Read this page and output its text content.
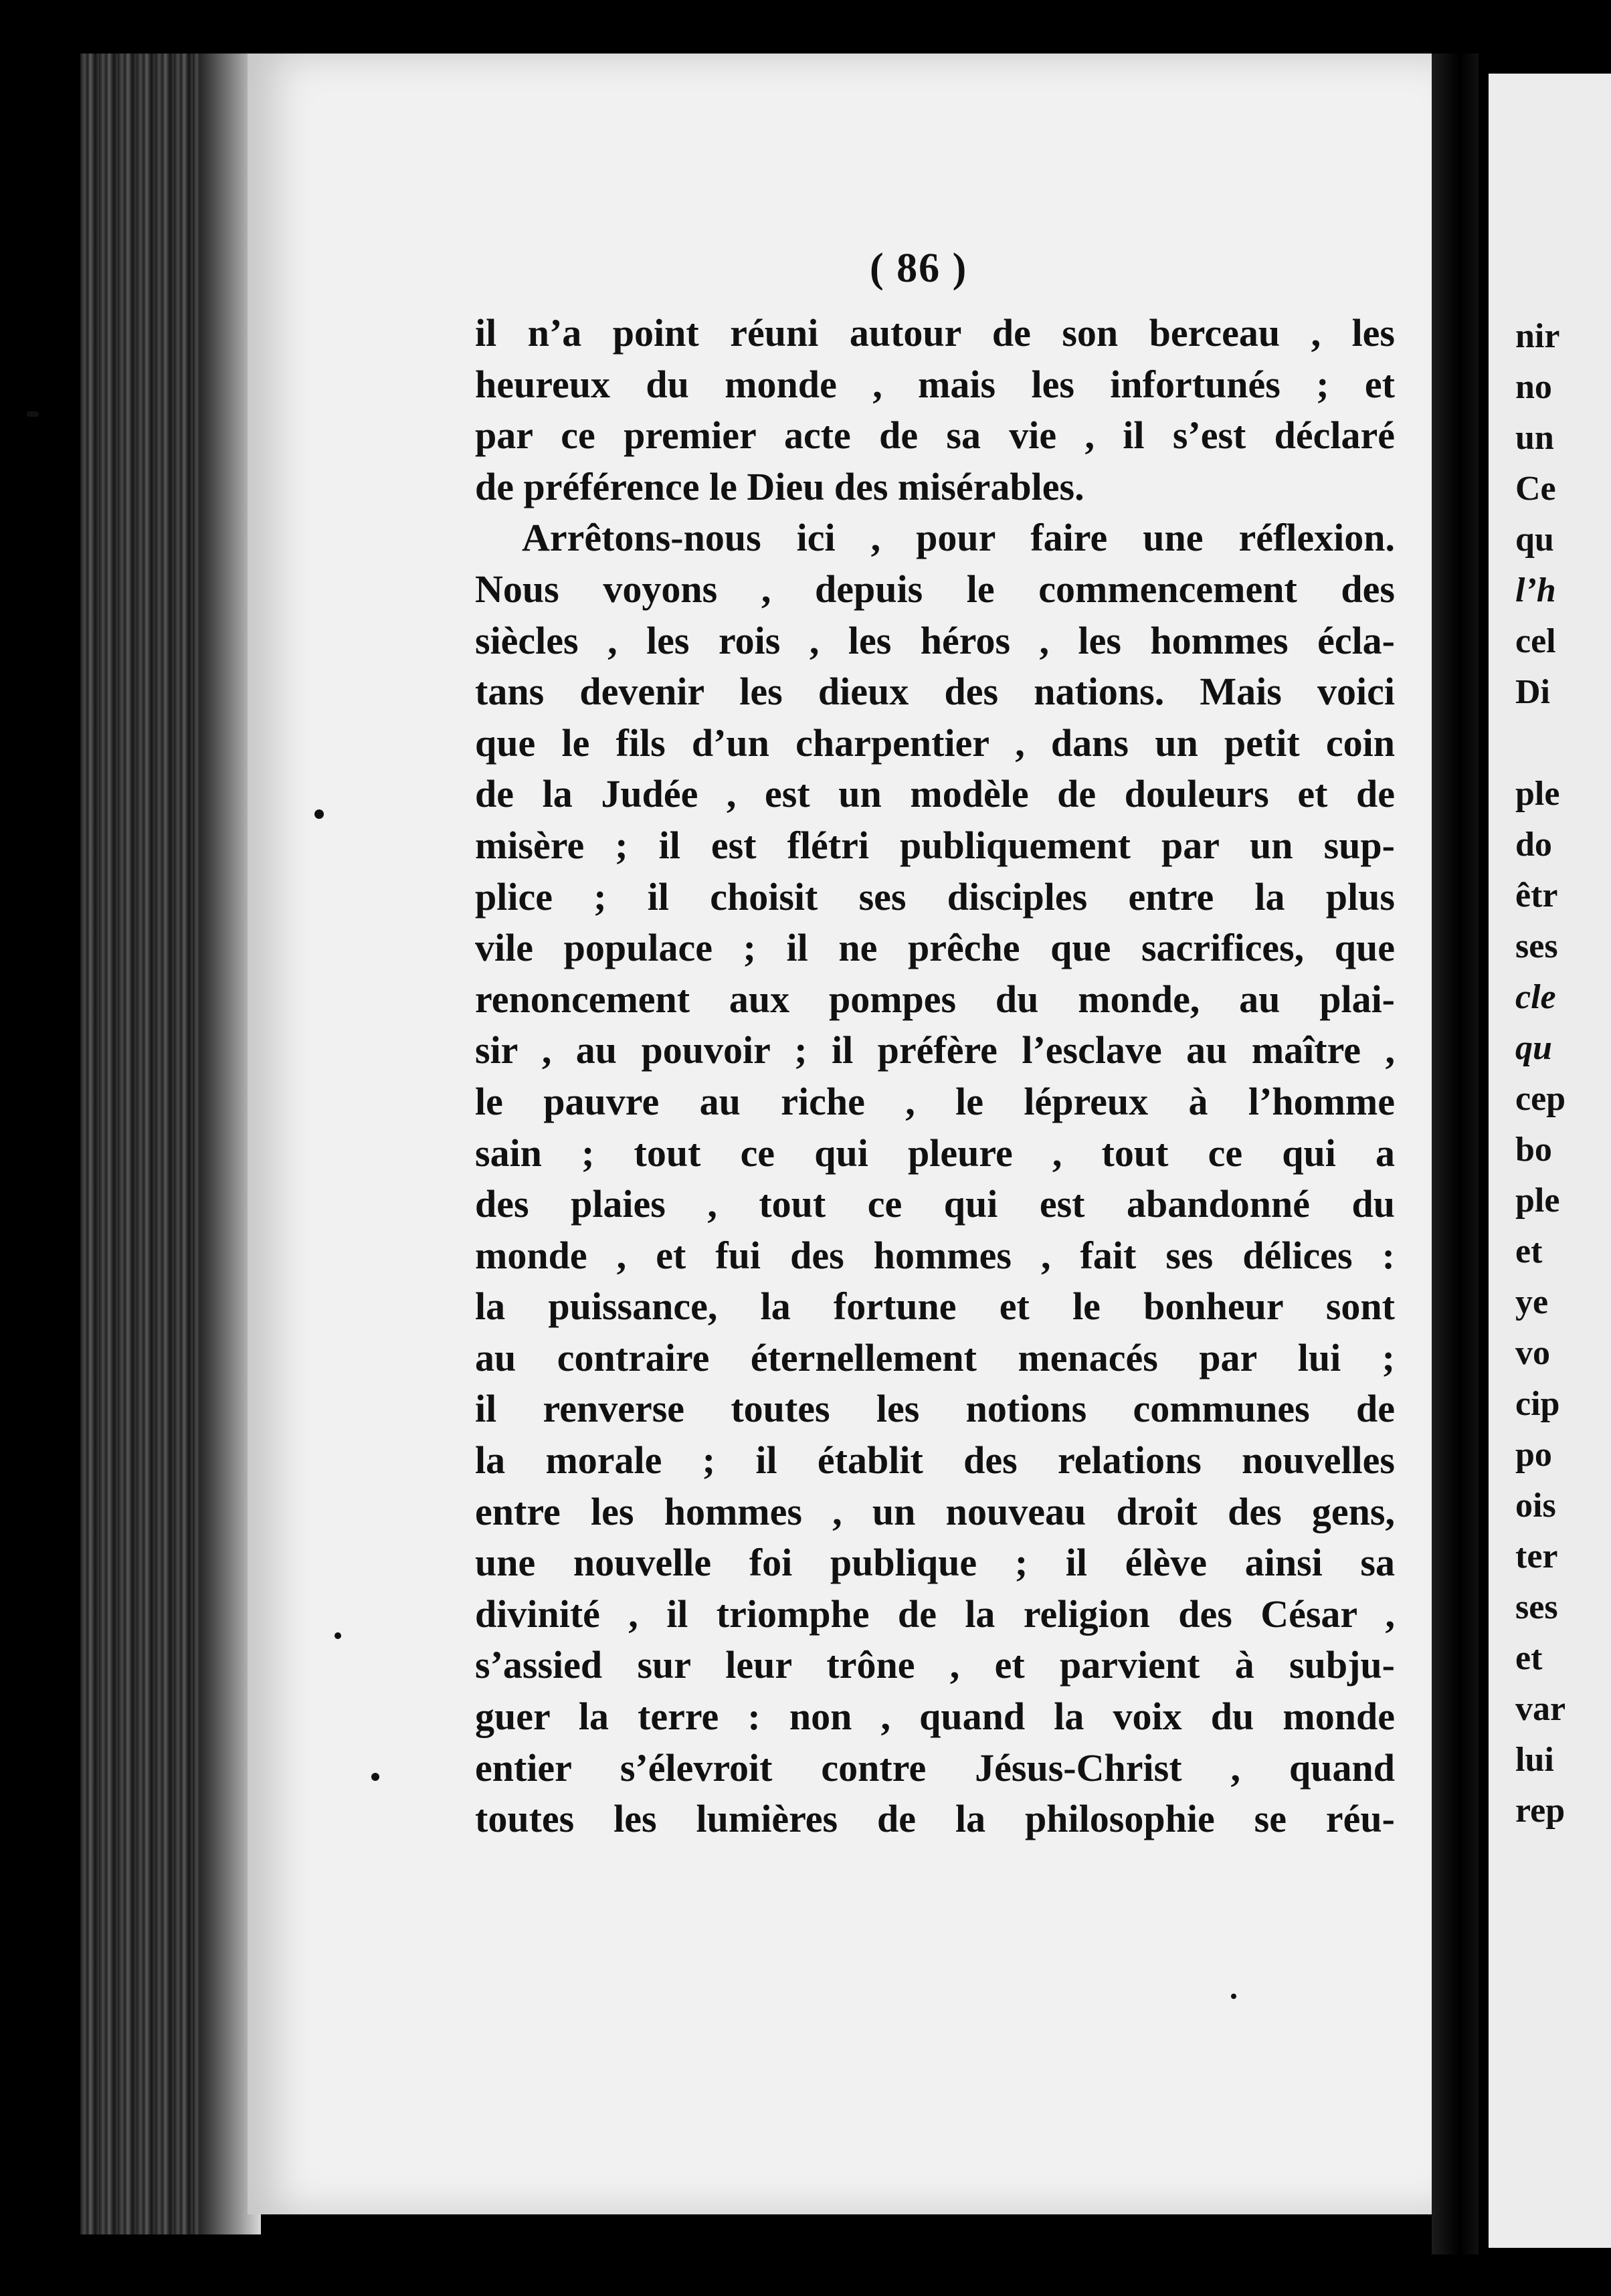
( 86 )
il n’a point réuni autour de son berceau , les
heureux du monde , mais les infortunés ; et
par ce premier acte de sa vie , il s’est déclaré
de préférence le Dieu des misérables.
Arrêtons-nous ici , pour faire une réflexion.
Nous voyons , depuis le commencement des
siècles , les rois , les héros , les hommes écla-
tans devenir les dieux des nations. Mais voici
que le fils d’un charpentier , dans un petit coin
de la Judée , est un modèle de douleurs et de
misère ; il est flétri publiquement par un sup-
plice ; il choisit ses disciples entre la plus
vile populace ; il ne prêche que sacrifices, que
renoncement aux pompes du monde, au plai-
sir , au pouvoir ; il préfère l’esclave au maître ,
le pauvre au riche , le lépreux à l’homme
sain ; tout ce qui pleure , tout ce qui a
des plaies , tout ce qui est abandonné du
monde , et fui des hommes , fait ses délices :
la puissance, la fortune et le bonheur sont
au contraire éternellement menacés par lui ;
il renverse toutes les notions communes de
la morale ; il établit des relations nouvelles
entre les hommes , un nouveau droit des gens,
une nouvelle foi publique ; il élève ainsi sa
divinité , il triomphe de la religion des César ,
s’assied sur leur trône , et parvient à subju-
guer la terre : non , quand la voix du monde
entier s’élevroit contre Jésus-Christ , quand
toutes les lumières de la philosophie se réu-
nir
no
un
Ce
qu
l’h
cel
Di
ple
do
êtr
ses
cle
qu
cep
bo
ple
et
ye
vo
cip
po
ois
ter
ses
et
var
lui
rep
